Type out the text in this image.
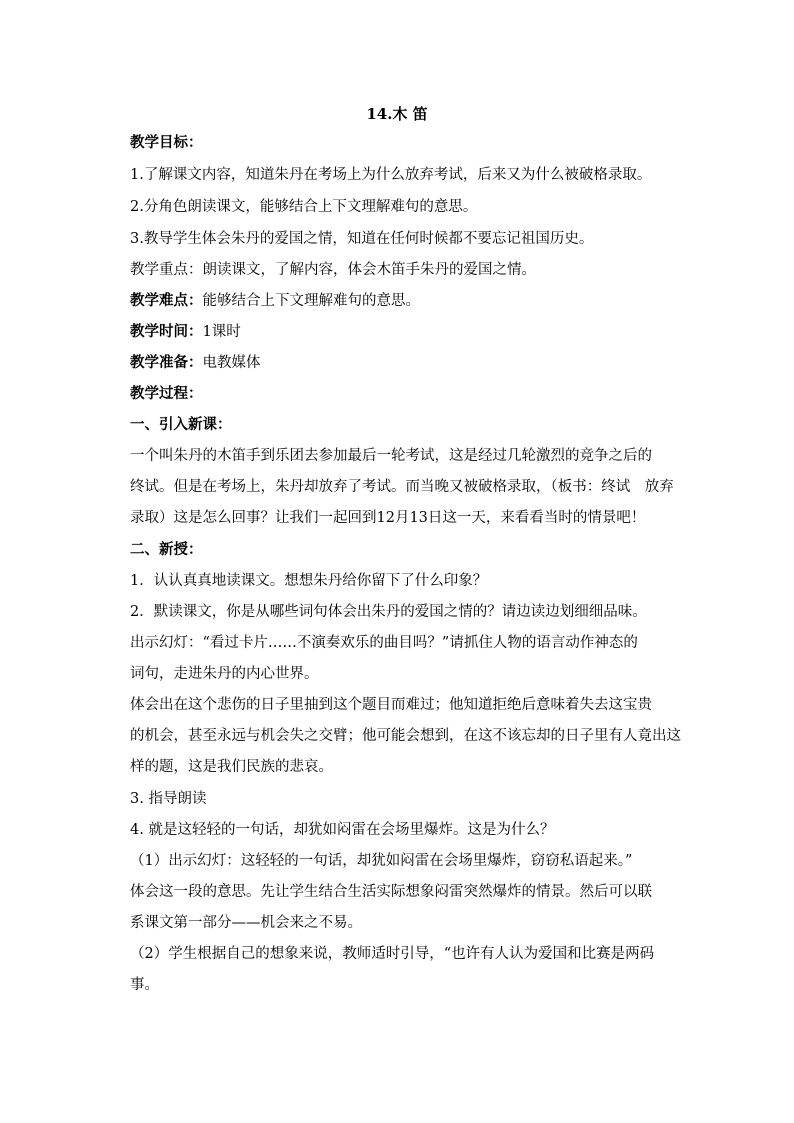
14.木 笛
教学目标：
1.了解课文内容，知道朱丹在考场上为什么放弃考试，后来又为什么被破格录取。
2.分角色朗读课文，能够结合上下文理解难句的意思。
3.教导学生体会朱丹的爱国之情，知道在任何时候都不要忘记祖国历史。
教学重点：朗读课文，了解内容，体会木笛手朱丹的爱国之情。
教学难点：能够结合上下文理解难句的意思。
教学时间：1课时
教学准备：电教媒体
教学过程：
一、引入新课：
一个叫朱丹的木笛手到乐团去参加最后一轮考试，这是经过几轮激烈的竞争之后的
终试。但是在考场上，朱丹却放弃了考试。而当晚又被破格录取，（板书：终试　放弃
录取）这是怎么回事？让我们一起回到12月13日这一天，来看看当时的情景吧！
二、新授：
1．认认真真地读课文。想想朱丹给你留下了什么印象？
2．默读课文，你是从哪些词句体会出朱丹的爱国之情的？请边读边划细细品味。
出示幻灯：“看过卡片……不演奏欢乐的曲目吗？”请抓住人物的语言动作神态的
词句，走进朱丹的内心世界。
体会出在这个悲伤的日子里抽到这个题目而难过；他知道拒绝后意味着失去这宝贵
的机会，甚至永远与机会失之交臂；他可能会想到，在这不该忘却的日子里有人竟出这
样的题，这是我们民族的悲哀。
3. 指导朗读
4. 就是这轻轻的一句话，却犹如闷雷在会场里爆炸。这是为什么？
（1）出示幻灯：这轻轻的一句话，却犹如闷雷在会场里爆炸，窃窃私语起来。”
体会这一段的意思。先让学生结合生活实际想象闷雷突然爆炸的情景。然后可以联
系课文第一部分——机会来之不易。
（2）学生根据自己的想象来说，教师适时引导，“也许有人认为爱国和比赛是两码
事。
